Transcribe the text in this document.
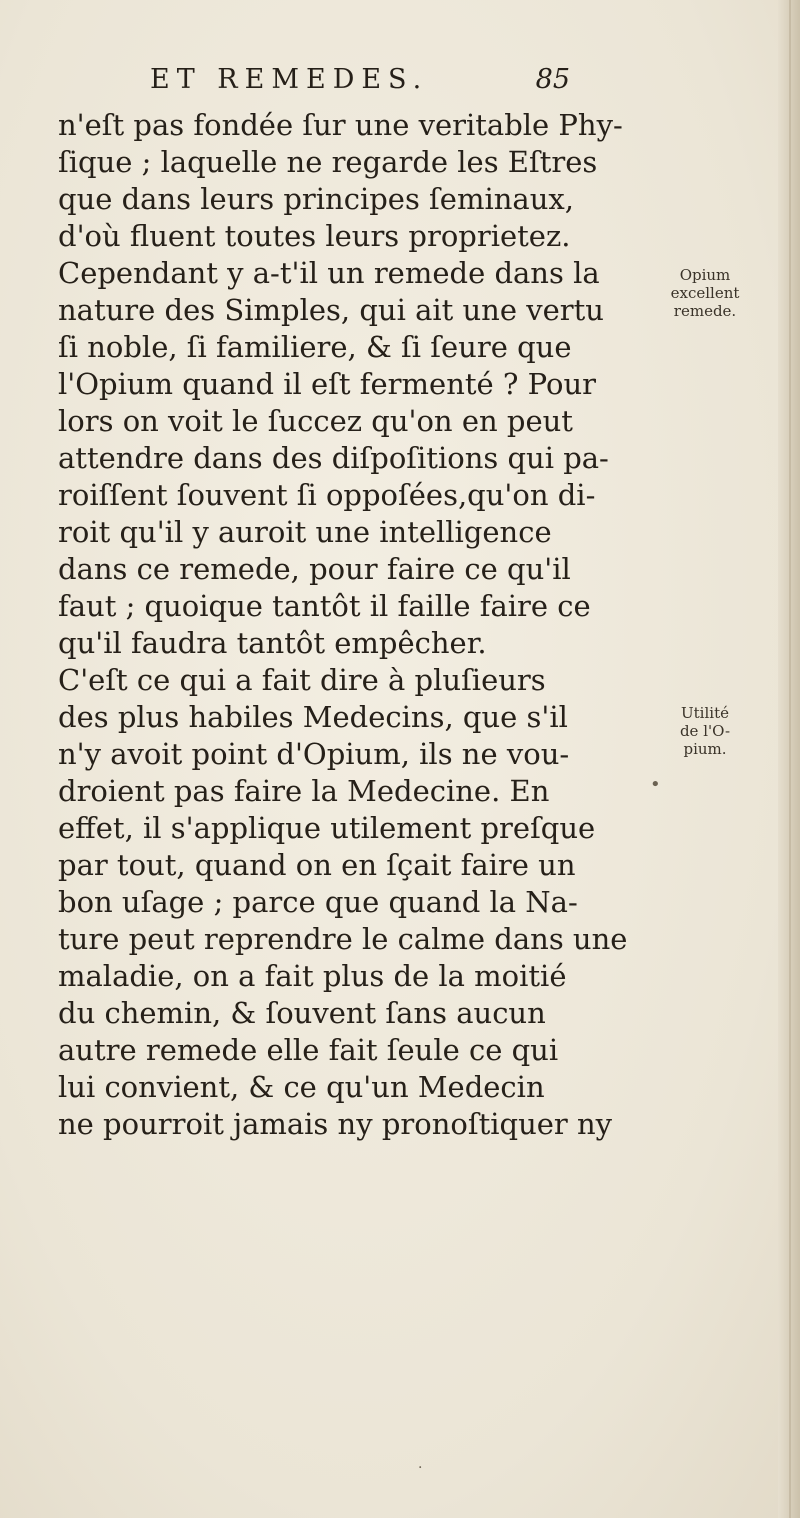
ET REMEDES.	85
n'eſt pas fondée ſur une veritable Phy-
ſique ; laquelle ne regarde les Eſtres
que dans leurs principes ſeminaux,
d'où fluent toutes leurs proprietez.
Cependant y a-t'il un remede dans la
nature des Simples, qui ait une vertu
ſi noble, ſi familiere, & ſi ſeure que
l'Opium quand il eſt fermenté ? Pour
lors on voit le ſuccez qu'on en peut
attendre dans des diſpoſitions qui pa-
roiſſent ſouvent ſi oppoſées,qu'on di-
roit qu'il y auroit une intelligence
dans ce remede, pour faire ce qu'il
faut ; quoique tantôt il faille faire ce
qu'il faudra tantôt empêcher.
C'eſt ce qui a fait dire à pluſieurs
des plus habiles Medecins, que s'il
n'y avoit point d'Opium, ils ne vou-
droient pas faire la Medecine. En
effet, il s'applique utilement preſque
par tout, quand on en ſçait faire un
bon uſage ; parce que quand la Na-
ture peut reprendre le calme dans une
maladie, on a fait plus de la moitié
du chemin, & ſouvent ſans aucun
autre remede elle fait ſeule ce qui
lui convient, & ce qu'un Medecin
ne pourroit jamais ny pronoſtiquer ny
Opium
excellent
remede.
Utilité
de l'O-
pium.
•
·
